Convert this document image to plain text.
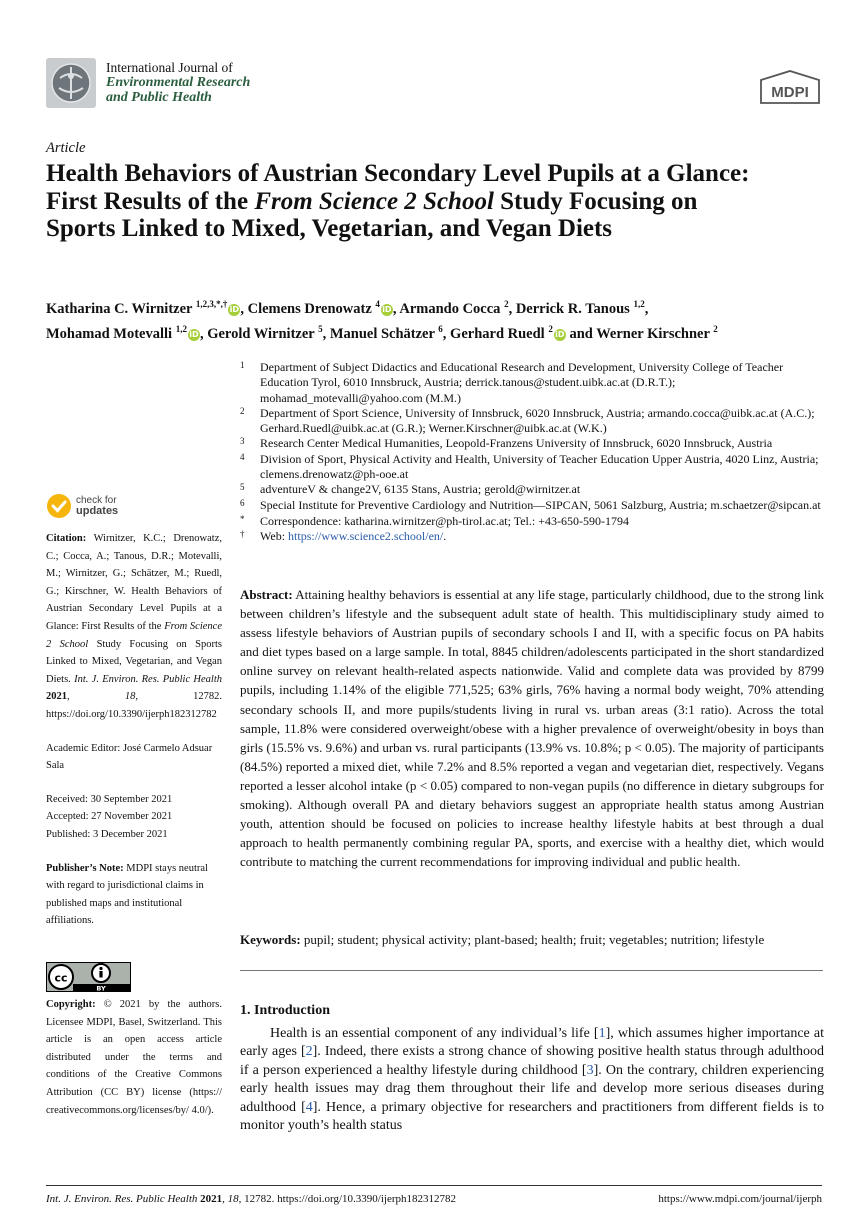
International Journal of
Environmental Research
and Public Health	MDPI
Article
Health Behaviors of Austrian Secondary Level Pupils at a Glance: First Results of the From Science 2 School Study Focusing on Sports Linked to Mixed, Vegetarian, and Vegan Diets
Katharina C. Wirnitzer $^{1,2,3,*,\dagger}$iD, Clemens Drenowatz $^4$iD, Armando Cocca $^2$, Derrick R. Tanous $^{1,2}$,
Mohamad Motevalli $^{1,2}$iD, Gerold Wirnitzer $^5$, Manuel Schätzer $^6$, Gerhard Ruedl $^2$iD and Werner Kirschner $^2$
1 Department of Subject Didactics and Educational Research and Development, University College of Teacher Education Tyrol, 6010 Innsbruck, Austria; derrick.tanous@student.uibk.ac.at (D.R.T.); mohamad_motevalli@yahoo.com (M.M.)
2 Department of Sport Science, University of Innsbruck, 6020 Innsbruck, Austria; armando.cocca@uibk.ac.at (A.C.); Gerhard.Ruedl@uibk.ac.at (G.R.); Werner.Kirschner@uibk.ac.at (W.K.)
3 Research Center Medical Humanities, Leopold-Franzens University of Innsbruck, 6020 Innsbruck, Austria
4 Division of Sport, Physical Activity and Health, University of Teacher Education Upper Austria, 4020 Linz, Austria; clemens.drenowatz@ph-ooe.at
5 adventureV & change2V, 6135 Stans, Austria; gerold@wirnitzer.at
6 Special Institute for Preventive Cardiology and Nutrition—SIPCAN, 5061 Salzburg, Austria; m.schaetzer@sipcan.at
* Correspondence: katharina.wirnitzer@ph-tirol.ac.at; Tel.: +43-650-590-1794
† Web: https://www.science2.school/en/.
Abstract: Attaining healthy behaviors is essential at any life stage, particularly childhood, due to the strong link between children’s lifestyle and the subsequent adult state of health. This multidisciplinary study aimed to assess lifestyle behaviors of Austrian pupils of secondary schools I and II, with a specific focus on PA habits and diet types based on a large sample. In total, 8845 children/adolescents participated in the short standardized online survey on relevant health-related aspects nationwide. Valid and complete data was provided by 8799 pupils, including 1.14% of the eligible 771,525; 63% girls, 76% having a normal body weight, 70% attending secondary schools II, and more pupils/students living in rural vs. urban areas (3:1 ratio). Across the total sample, 11.8% were considered overweight/obese with a higher prevalence of overweight/obesity in boys than girls (15.5% vs. 9.6%) and urban vs. rural participants (13.9% vs. 10.8%; p < 0.05). The majority of participants (84.5%) reported a mixed diet, while 7.2% and 8.5% reported a vegan and vegetarian diet, respectively. Vegans reported a lesser alcohol intake (p < 0.05) compared to non-vegan pupils (no difference in dietary subgroups for smoking). Although overall PA and dietary behaviors suggest an appropriate health status among Austrian youth, attention should be focused on policies to increase healthy lifestyle habits at best through a dual approach to health permanently combining regular PA, sports, and exercise with a healthy diet, which would contribute to matching the current recommendations for improving individual and public health.
Keywords: pupil; student; physical activity; plant-based; health; fruit; vegetables; nutrition; lifestyle
1. Introduction

Health is an essential component of any individual’s life [1], which assumes higher importance at early ages [2]. Indeed, there exists a strong chance of showing positive health status through adulthood if a person experienced a healthy lifestyle during childhood [3]. On the contrary, children experiencing early health issues may drag them throughout their life and develop more serious diseases during adulthood [4]. Hence, a primary objective for researchers and practitioners from different fields is to monitor youth’s health status

check for
updates

Citation: Wirnitzer, K.C.; Drenowatz, C.; Cocca, A.; Tanous, D.R.; Motevalli, M.; Wirnitzer, G.; Schätzer, M.; Ruedl, G.; Kirschner, W. Health Behaviors of Austrian Secondary Level Pupils at a Glance: First Results of the From Science 2 School Study Focusing on Sports Linked to Mixed, Vegetarian, and Vegan Diets. Int. J. Environ. Res. Public Health 2021, 18, 12782. https://doi.org/10.3390/ijerph182312782

Academic Editor: José Carmelo Adsuar Sala

Received: 30 September 2021
Accepted: 27 November 2021
Published: 3 December 2021

Publisher’s Note: MDPI stays neutral with regard to jurisdictional claims in published maps and institutional affiliations.

cc
BY
Copyright: © 2021 by the authors. Licensee MDPI, Basel, Switzerland. This article is an open access article distributed under the terms and conditions of the Creative Commons Attribution (CC BY) license (https:// creativecommons.org/licenses/by/ 4.0/).
Int. J. Environ. Res. Public Health 2021, 18, 12782. https://doi.org/10.3390/ijerph182312782	https://www.mdpi.com/journal/ijerph
